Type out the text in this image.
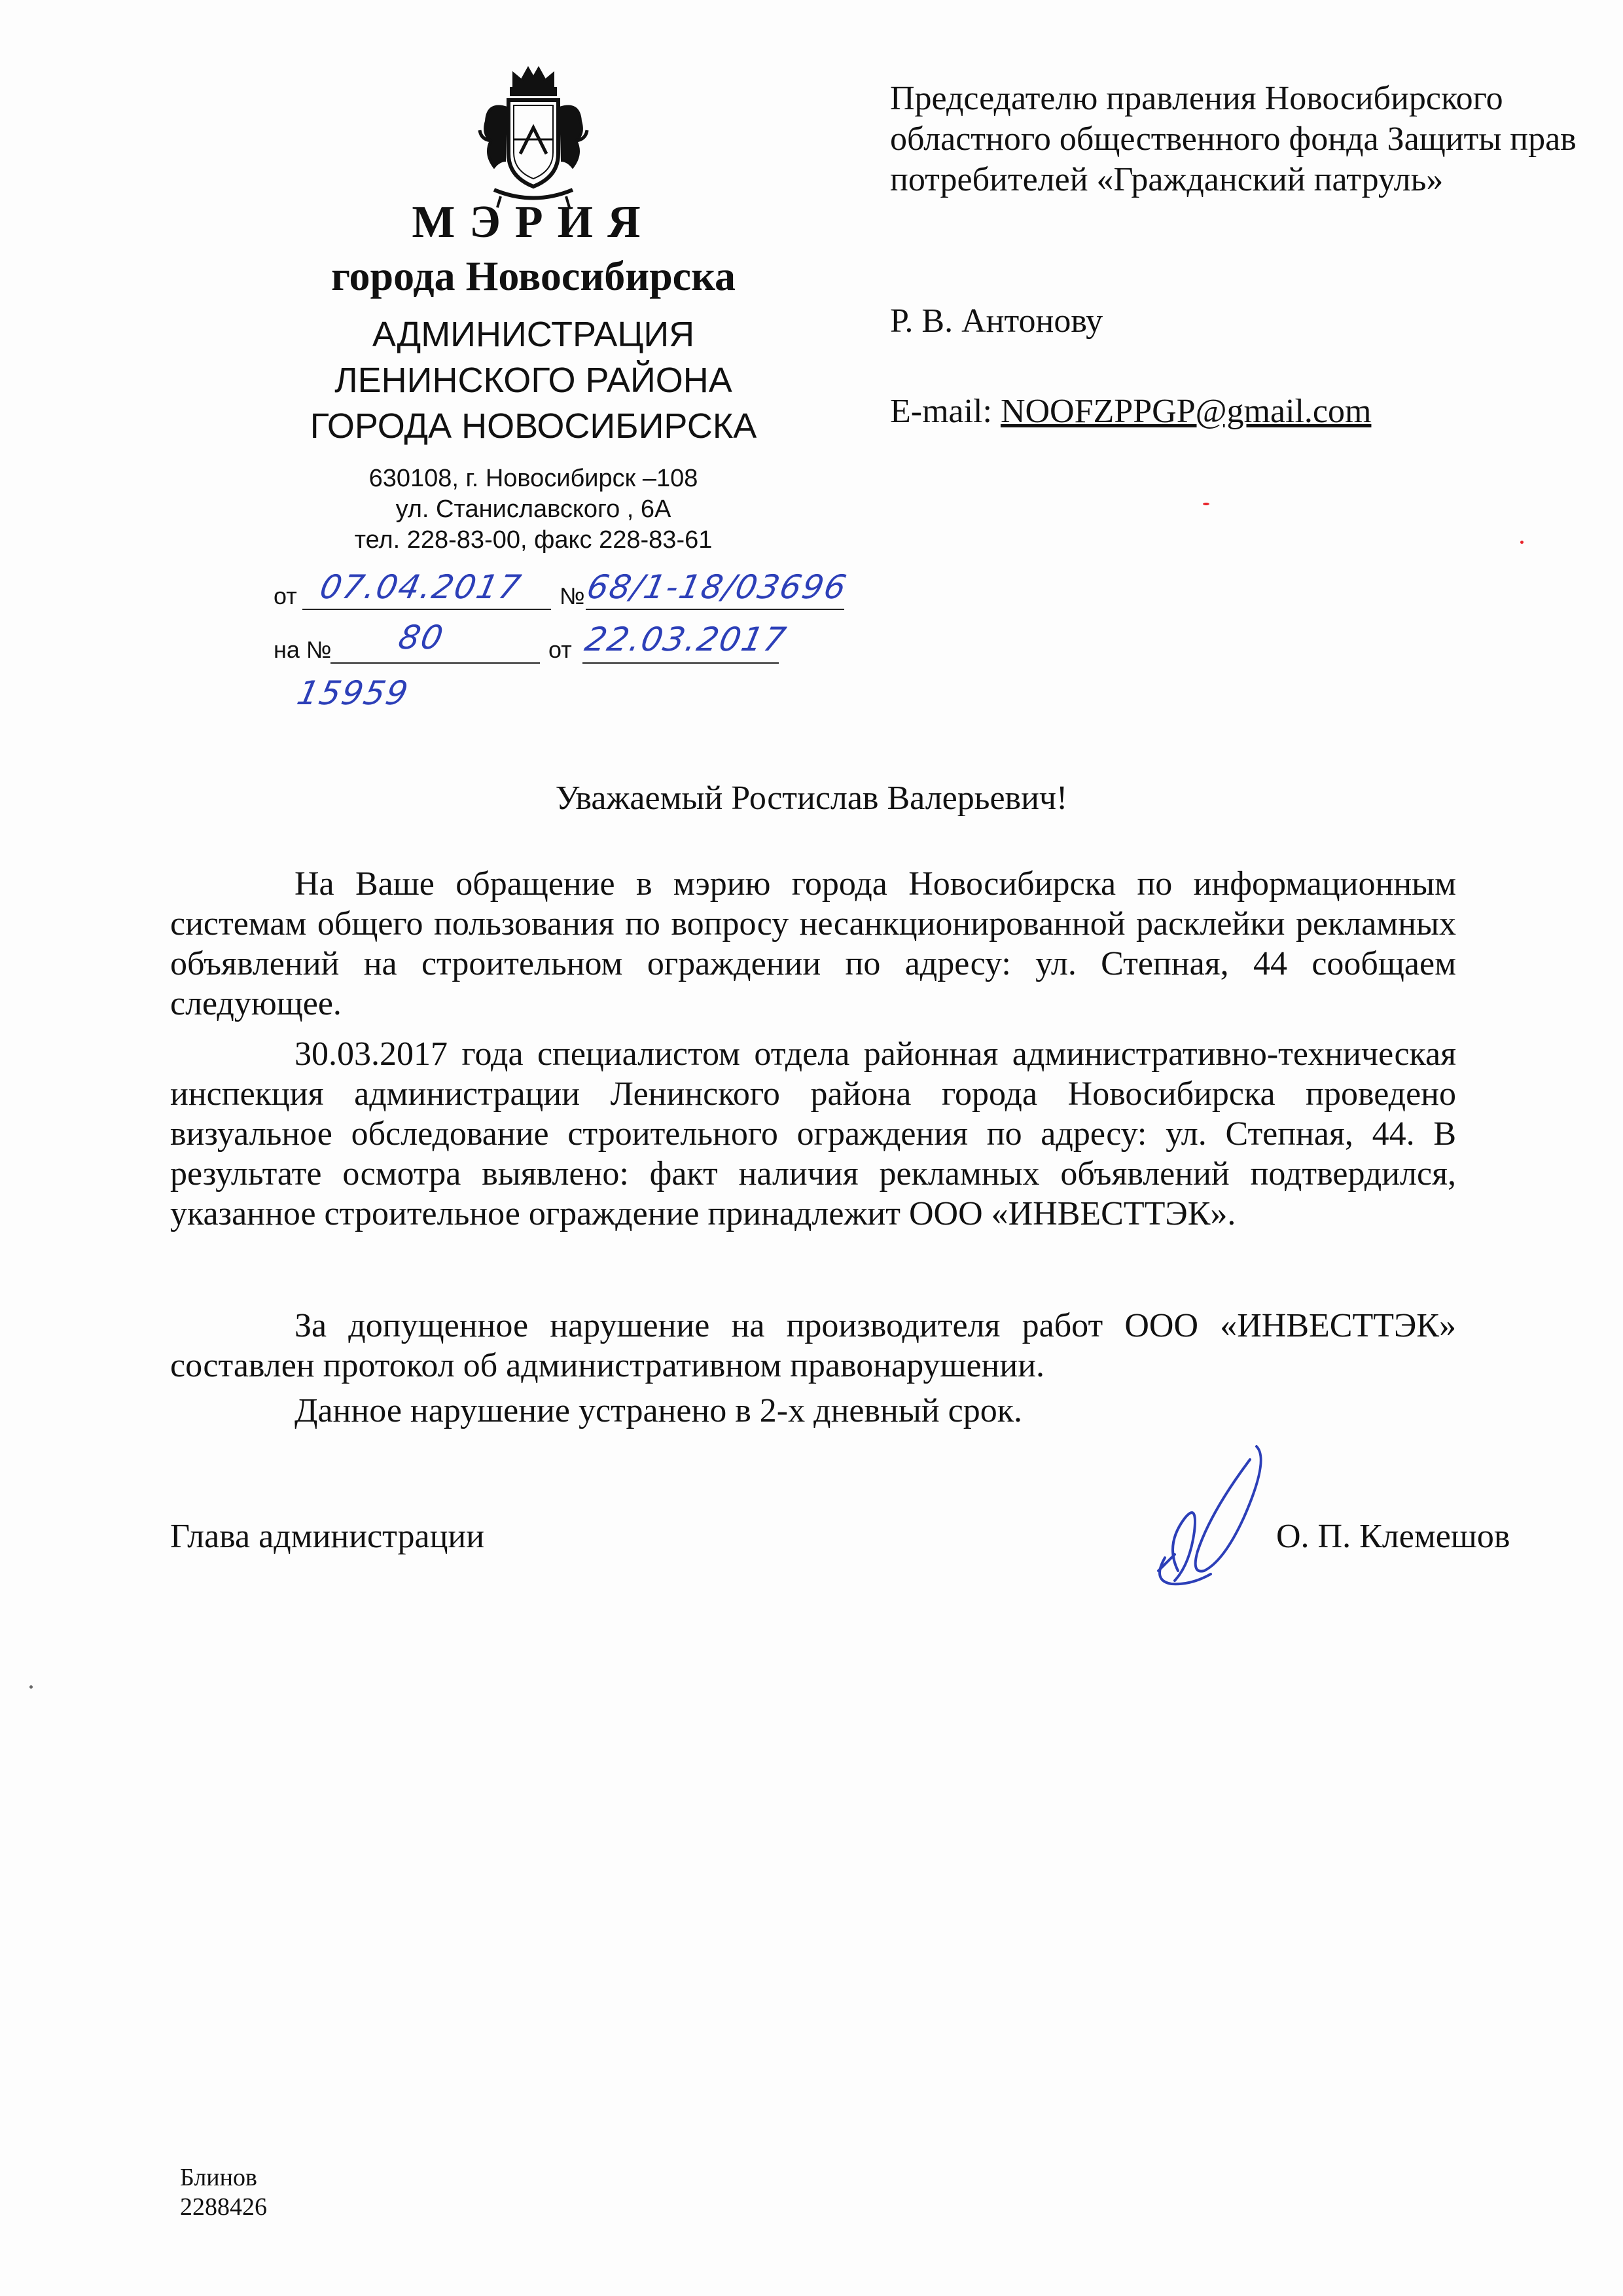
МЭРИЯ
города Новосибирска
АДМИНИСТРАЦИЯ
ЛЕНИНСКОГО РАЙОНА
ГОРОДА НОВОСИБИРСКА
630108, г. Новосибирск –108
ул. Станиславского , 6А
тел. 228-83-00, факс 228-83-61
от 07.04.2017 №
68/1-18/03696
на № 80	от 22.03.2017
15959
Председателю правления Новосибирского областного общественного фонда Защиты прав потребителей «Гражданский патруль»
Р. В. Антонову
E-mail: NOOFZPPGP@gmail.com
Уважаемый Ростислав Валерьевич!
На Ваше обращение в мэрию города Новосибирска по информационным системам общего пользования по вопросу несанкционированной расклейки рекламных объявлений на строительном ограждении по адресу: ул. Степная, 44 сообщаем следующее.
30.03.2017 года специалистом отдела районная административно-техническая инспекция администрации Ленинского района города Новосибирска проведено визуальное обследование строительного ограждения по адресу: ул. Степная, 44. В результате осмотра выявлено: факт наличия рекламных объявлений подтвердился, указанное строительное ограждение принадлежит ООО «ИНВЕСТТЭК».
За допущенное нарушение на производителя работ ООО «ИНВЕСТТЭК» составлен протокол об административном правонарушении.
Данное нарушение устранено в 2-х дневный срок.
Глава администрации	О. П. Клемешов
Блинов
2288426
